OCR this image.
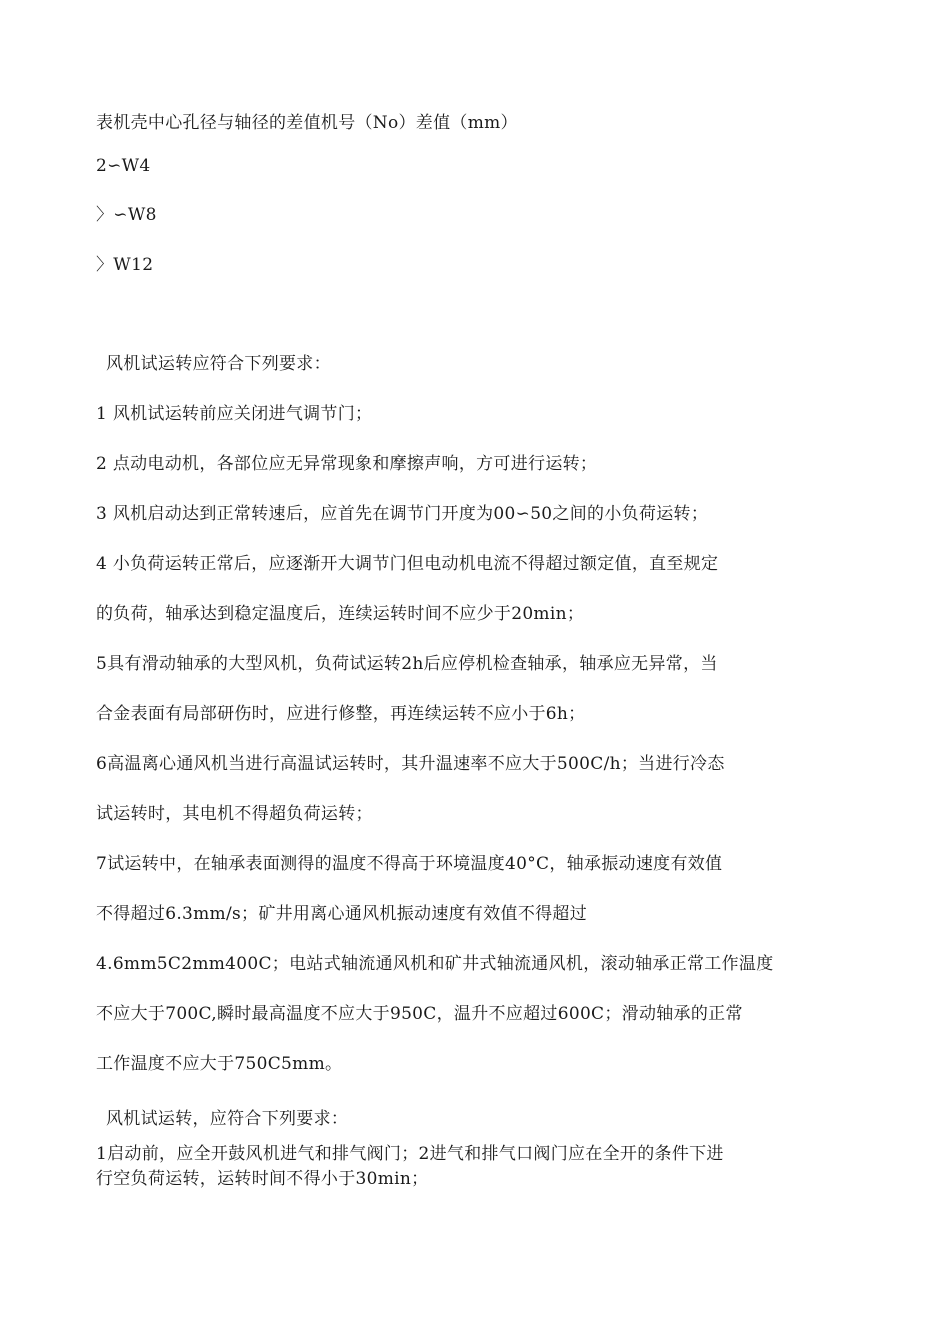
表机壳中心孔径与轴径的差值机号（No）差值（mm）
2∽W4
〉∽W8
〉W12
风机试运转应符合下列要求：
1 风机试运转前应关闭进气调节门；
2 点动电动机，各部位应无异常现象和摩擦声响，方可进行运转；
3 风机启动达到正常转速后，应首先在调节门开度为00∽50之间的小负荷运转；
4 小负荷运转正常后，应逐渐开大调节门但电动机电流不得超过额定值，直至规定
的负荷，轴承达到稳定温度后，连续运转时间不应少于20min；
5具有滑动轴承的大型风机，负荷试运转2h后应停机检查轴承，轴承应无异常，当
合金表面有局部研伤时，应进行修整，再连续运转不应小于6h；
6高温离心通风机当进行高温试运转时，其升温速率不应大于500C/h；当进行冷态
试运转时，其电机不得超负荷运转；
7试运转中，在轴承表面测得的温度不得高于环境温度40°C，轴承振动速度有效值
不得超过6.3mm/s；矿井用离心通风机振动速度有效值不得超过
4.6mm5C2mm400C；电站式轴流通风机和矿井式轴流通风机，滚动轴承正常工作温度
不应大于700C,瞬时最高温度不应大于950C，温升不应超过600C；滑动轴承的正常
工作温度不应大于750C5mm。
风机试运转，应符合下列要求：
1启动前，应全开鼓风机进气和排气阀门；2进气和排气口阀门应在全开的条件下进
行空负荷运转，运转时间不得小于30min；
